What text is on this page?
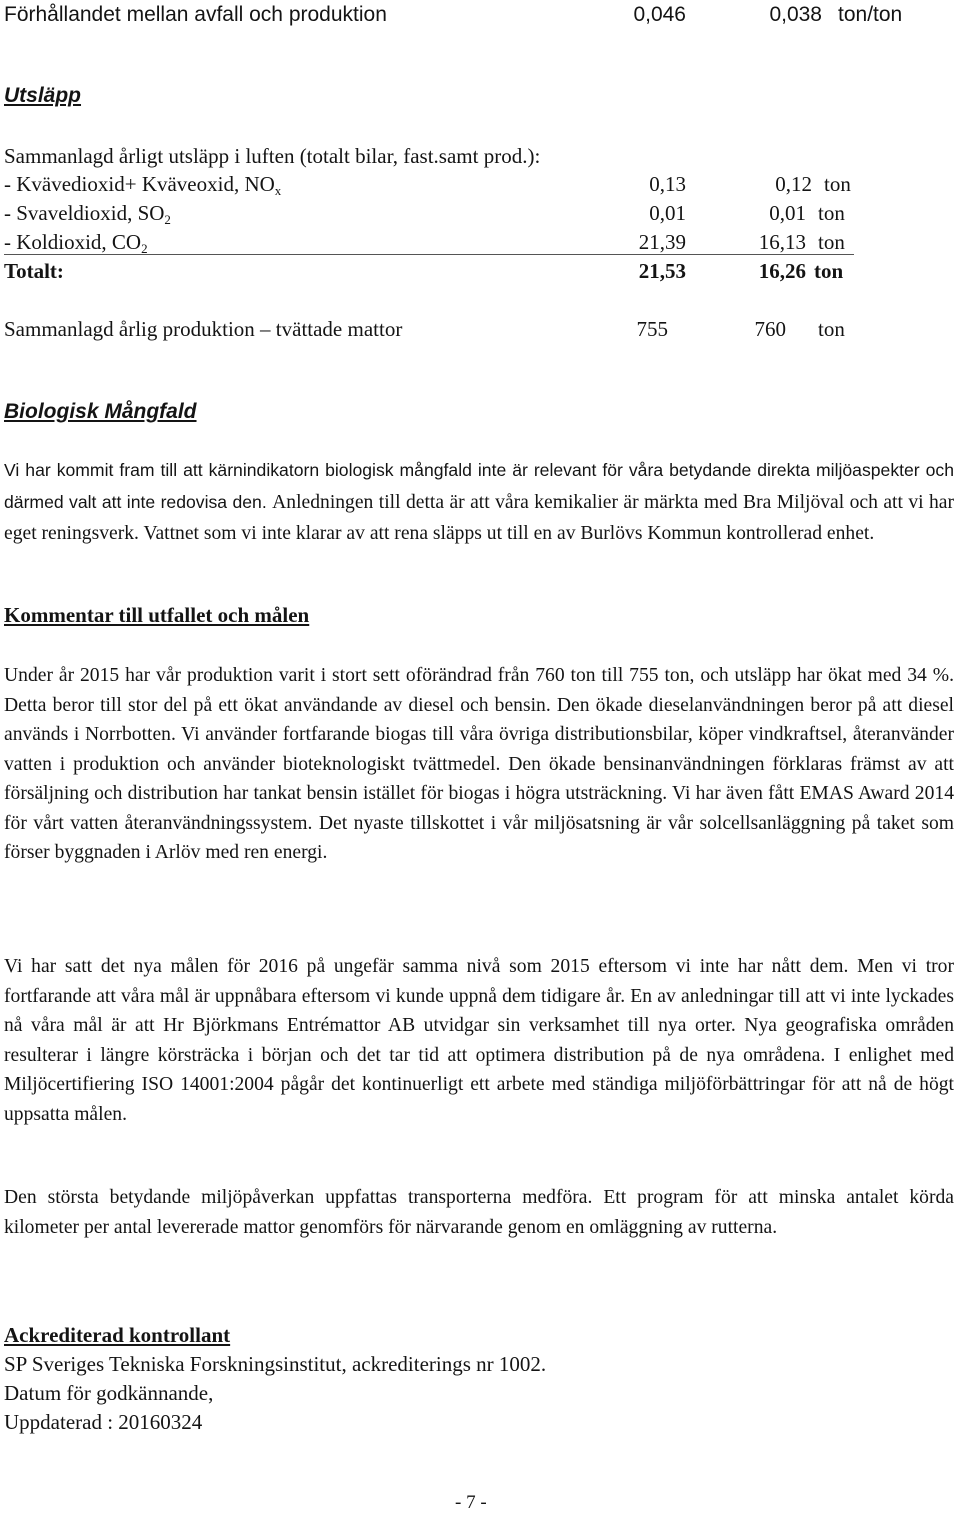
Förhållandet mellan avfall och produktion	0,046	0,038 ton/ton
Utsläpp
Sammanlagd årligt utsläpp i luften (totalt bilar, fast.samt prod.):
- Kvävedioxid+ Kväveoxid, $NO_x$	0,13	0,12 ton
- Svaveldioxid, $SO_2$	0,01	0,01 ton
- Koldioxid, $CO_2$	21,39	16,13 ton
Totalt:	21,53	16,26 ton
Sammanlagd årlig produktion – tvättade mattor	755	760 ton
Biologisk Mångfald
Vi har kommit fram till att kärnindikatorn biologisk mångfald inte är relevant för våra betydande direkta miljöaspekter och därmed valt att inte redovisa den. Anledningen till detta är att våra kemikalier är märkta med Bra Miljöval och att vi har eget reningsverk. Vattnet som vi inte klarar av att rena släpps ut till en av Burlövs Kommun kontrollerad enhet.
Kommentar till utfallet och målen
Under år 2015 har vår produktion varit i stort sett oförändrad från 760 ton till 755 ton, och utsläpp har ökat med 34 %. Detta beror till stor del på ett ökat användande av diesel och bensin. Den ökade dieselanvändningen beror på att diesel används i Norrbotten. Vi använder fortfarande biogas till våra övriga distributionsbilar, köper vindkraftsel, återanvänder vatten i produktion och använder bioteknologiskt tvättmedel. Den ökade bensinanvändningen förklaras främst av att försäljning och distribution har tankat bensin istället för biogas i högra utsträckning. Vi har även fått EMAS Award 2014 för vårt vatten återanvändningssystem. Det nyaste tillskottet i vår miljösatsning är vår solcellsanläggning på taket som förser byggnaden i Arlöv med ren energi.
Vi har satt det nya målen för 2016 på ungefär samma nivå som 2015 eftersom vi inte har nått dem. Men vi tror fortfarande att våra mål är uppnåbara eftersom vi kunde uppnå dem tidigare år. En av anledningar till att vi inte lyckades nå våra mål är att Hr Björkmans Entrémattor AB utvidgar sin verksamhet till nya orter. Nya geografiska områden resulterar i längre körsträcka i början och det tar tid att optimera distribution på de nya områdena. I enlighet med Miljöcertifiering ISO 14001:2004 pågår det kontinuerligt ett arbete med ständiga miljöförbättringar för att nå de högt uppsatta målen.
Den största betydande miljöpåverkan uppfattas transporterna medföra. Ett program för att minska antalet körda kilometer per antal levererade mattor genomförs för närvarande genom en omläggning av rutterna.
Ackrediterad kontrollant
SP Sveriges Tekniska Forskningsinstitut, ackrediterings nr 1002.
Datum för godkännande,
Uppdaterad : 20160324
- 7 -
